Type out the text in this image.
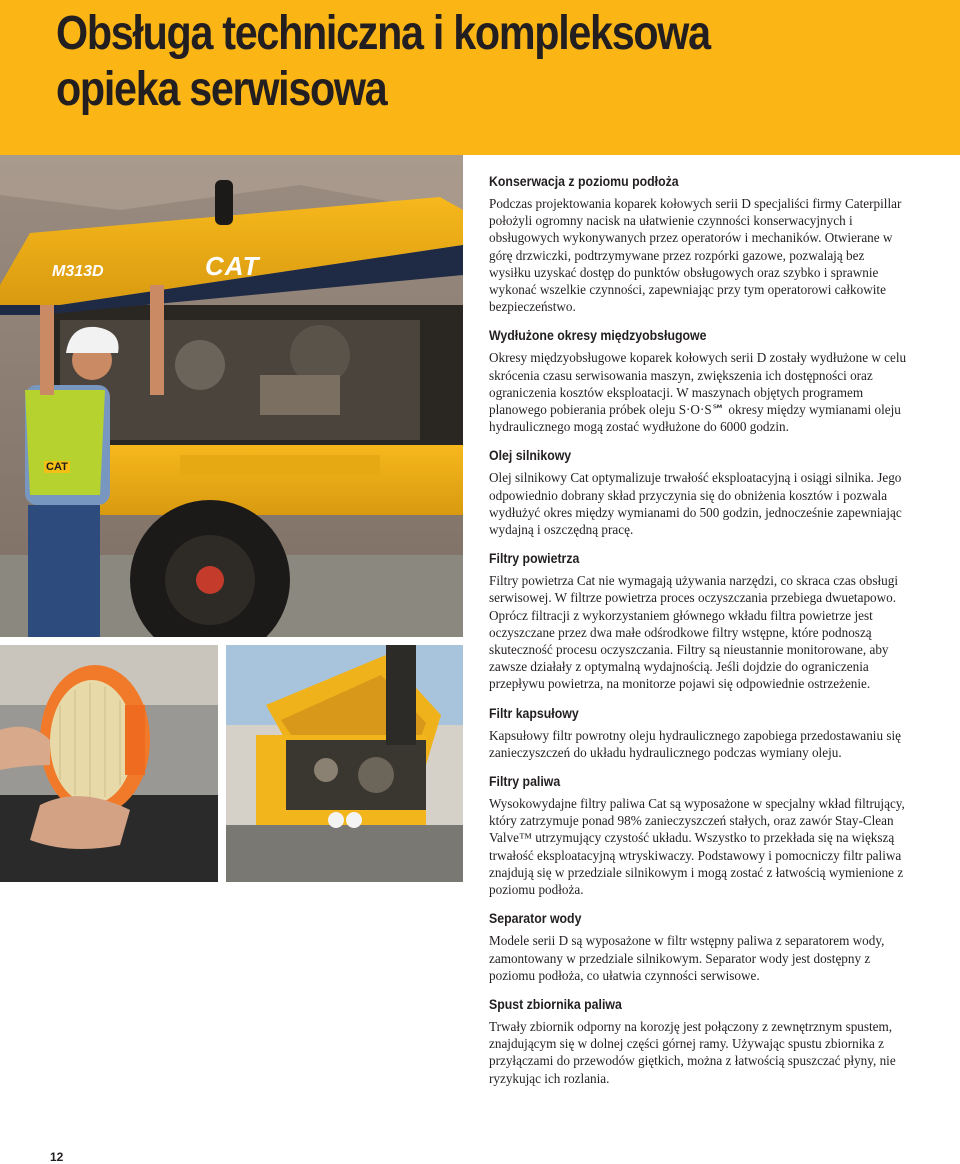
Obsługa techniczna i kompleksowa
opieka serwisowa
M313D	CAT
CAT
Konserwacja z poziomu podłoża

Podczas projektowania koparek kołowych serii D specjaliści firmy Caterpillar położyli ogromny nacisk na ułatwienie czynności konserwacyjnych i obsługowych wykonywanych przez operatorów i mechaników. Otwierane w górę drzwiczki, podtrzymywane przez rozpórki gazowe, pozwalają bez wysiłku uzyskać dostęp do punktów obsługowych oraz szybko i sprawnie wykonać wszelkie czynności, zapewniając przy tym operatorowi całkowite bezpieczeństwo.

Wydłużone okresy międzyobsługowe

Okresy międzyobsługowe koparek kołowych serii D zostały wydłużone w celu skrócenia czasu serwisowania maszyn, zwiększenia ich dostępności oraz ograniczenia kosztów eksploatacji. W maszynach objętych programem planowego pobierania próbek oleju S·O·S℠ okresy między wymianami oleju hydraulicznego mogą zostać wydłużone do 6000 godzin.

Olej silnikowy

Olej silnikowy Cat optymalizuje trwałość eksploatacyjną i osiągi silnika. Jego odpowiednio dobrany skład przyczynia się do obniżenia kosztów i pozwala wydłużyć okres między wymianami do 500 godzin, jednocześnie zapewniając wydajną i oszczędną pracę.

Filtry powietrza

Filtry powietrza Cat nie wymagają używania narzędzi, co skraca czas obsługi serwisowej. W filtrze powietrza proces oczyszczania przebiega dwuetapowo. Oprócz filtracji z wykorzystaniem głównego wkładu filtra powietrze jest oczyszczane przez dwa małe odśrodkowe filtry wstępne, które podnoszą skuteczność procesu oczyszczania. Filtry są nieustannie monitorowane, aby zawsze działały z optymalną wydajnością. Jeśli dojdzie do ograniczenia przepływu powietrza, na monitorze pojawi się odpowiednie ostrzeżenie.

Filtr kapsułowy

Kapsułowy filtr powrotny oleju hydraulicznego zapobiega przedostawaniu się zanieczyszczeń do układu hydraulicznego podczas wymiany oleju.

Filtry paliwa

Wysokowydajne filtry paliwa Cat są wyposażone w specjalny wkład filtrujący, który zatrzymuje ponad 98% zanieczyszczeń stałych, oraz zawór Stay-Clean Valve™ utrzymujący czystość układu. Wszystko to przekłada się na większą trwałość eksploatacyjną wtryskiwaczy. Podstawowy i pomocniczy filtr paliwa znajdują się w przedziale silnikowym i mogą zostać z łatwością wymienione z poziomu podłoża.

Separator wody

Modele serii D są wyposażone w filtr wstępny paliwa z separatorem wody, zamontowany w przedziale silnikowym. Separator wody jest dostępny z poziomu podłoża, co ułatwia czynności serwisowe.

Spust zbiornika paliwa

Trwały zbiornik odporny na korozję jest połączony z zewnętrznym spustem, znajdującym się w dolnej części górnej ramy. Używając spustu zbiornika z przyłączami do przewodów giętkich, można z łatwością spuszczać płyny, nie ryzykując ich rozlania.

12
